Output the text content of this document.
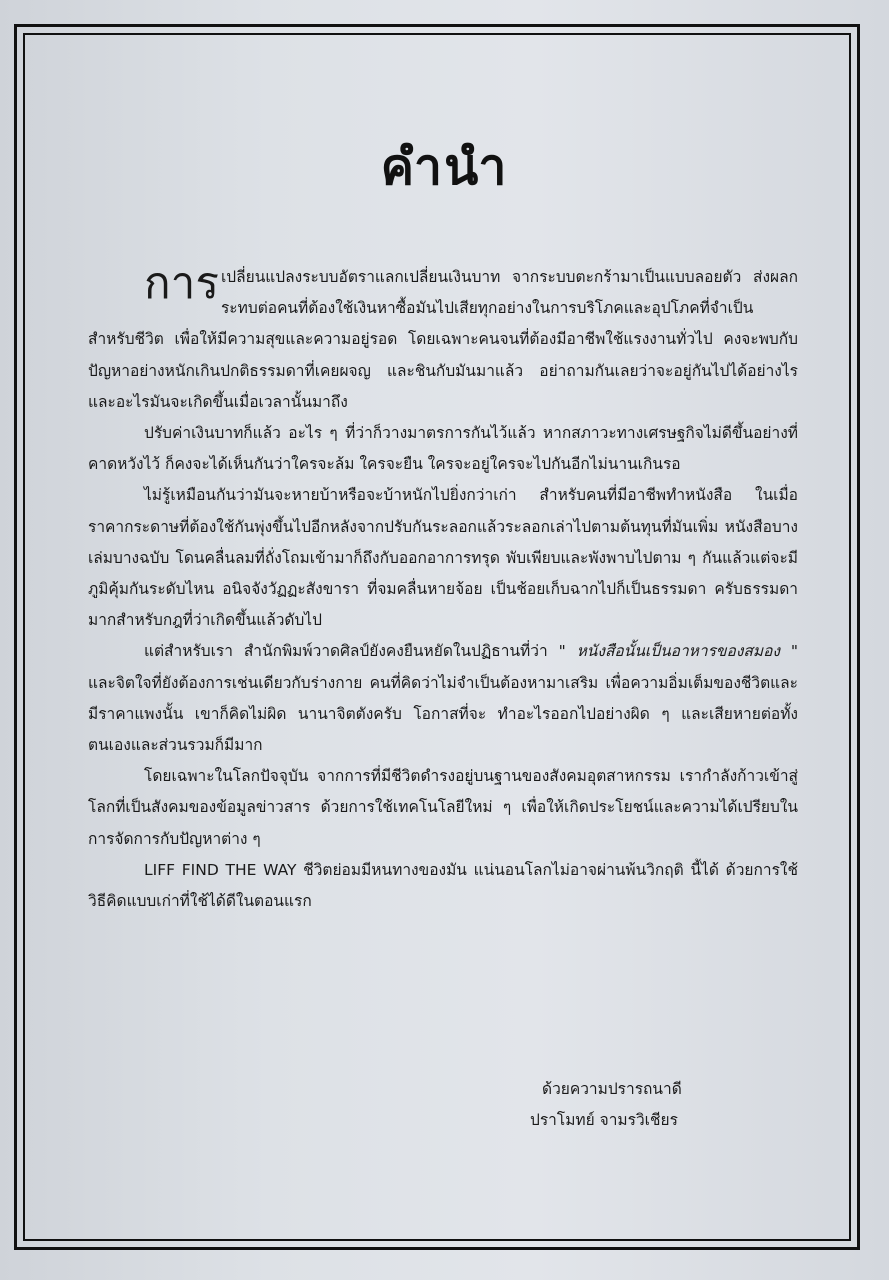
คำนำ

การ เปลี่ยนแปลงระบบอัตราแลกเปลี่ยนเงินบาท จากระบบตะกร้ามาเป็นแบบลอยตัว ส่งผลกระทบต่อคนที่ต้องใช้เงินหาซื้อมันไปเสียทุกอย่างในการบริโภคและอุปโภคที่จำเป็นสำหรับชีวิต เพื่อให้มีความสุขและความอยู่รอด โดยเฉพาะคนจนที่ต้องมีอาชีพใช้แรงงานทั่วไป คงจะพบกับปัญหาอย่างหนักเกินปกติธรรมดาที่เคยผจญ และชินกับมันมาแล้ว อย่าถามกันเลยว่าจะอยู่กันไปได้อย่างไรและอะไรมันจะเกิดขึ้นเมื่อเวลานั้นมาถึง

ปรับค่าเงินบาทก็แล้ว อะไร ๆ ที่ว่าก็วางมาตรการกันไว้แล้ว หากสภาวะทางเศรษฐกิจไม่ดีขึ้นอย่างที่คาดหวังไว้ ก็คงจะได้เห็นกันว่าใครจะล้ม ใครจะยืน ใครจะอยู่ใครจะไปกันอีกไม่นานเกินรอ

ไม่รู้เหมือนกันว่ามันจะหายบ้าหรือจะบ้าหนักไปยิ่งกว่าเก่า สำหรับคนที่มีอาชีพทำหนังสือ ในเมื่อราคากระดาษที่ต้องใช้กันพุ่งขึ้นไปอีกหลังจากปรับกันระลอกแล้วระลอกเล่าไปตามต้นทุนที่มันเพิ่ม หนังสือบางเล่มบางฉบับ โดนคลื่นลมที่ถั่งโถมเข้ามาก็ถึงกับออกอาการทรุด พับเพียบและพังพาบไปตาม ๆ กันแล้วแต่จะมีภูมิคุ้มกันระดับไหน อนิจจังวัฏฏะสังขารา ที่จมคลื่นหายจ้อย เป็นช้อยเก็บฉากไปก็เป็นธรรมดา ครับธรรมดามากสำหรับกฎที่ว่าเกิดขึ้นแล้วดับไป

แต่สำหรับเรา สำนักพิมพ์วาดศิลป์ยังคงยืนหยัดในปฏิธานที่ว่า " หนังสือนั้นเป็นอาหารของสมอง " และจิตใจที่ยังต้องการเช่นเดียวกับร่างกาย คนที่คิดว่าไม่จำเป็นต้องหามาเสริม เพื่อความอิ่มเต็มของชีวิตและมีราคาแพงนั้น เขาก็คิดไม่ผิด นานาจิตตังครับ โอกาสที่จะ ทำอะไรออกไปอย่างผิด ๆ และเสียหายต่อทั้งตนเองและส่วนรวมก็มีมาก

โดยเฉพาะในโลกปัจจุบัน จากการที่มีชีวิตดำรงอยู่บนฐานของสังคมอุตสาหกรรม เรากำลังก้าวเข้าสู่โลกที่เป็นสังคมของข้อมูลข่าวสาร ด้วยการใช้เทคโนโลยีใหม่ ๆ เพื่อให้เกิดประโยชน์และความได้เปรียบในการจัดการกับปัญหาต่าง ๆ

LIFF FIND THE WAY ชีวิตย่อมมีหนทางของมัน แน่นอนโลกไม่อาจผ่านพ้นวิกฤติ นี้ได้ ด้วยการใช้วิธีคิดแบบเก่าที่ใช้ได้ดีในตอนแรก

ด้วยความปรารถนาดี
ปราโมทย์ จามรวิเชียร
